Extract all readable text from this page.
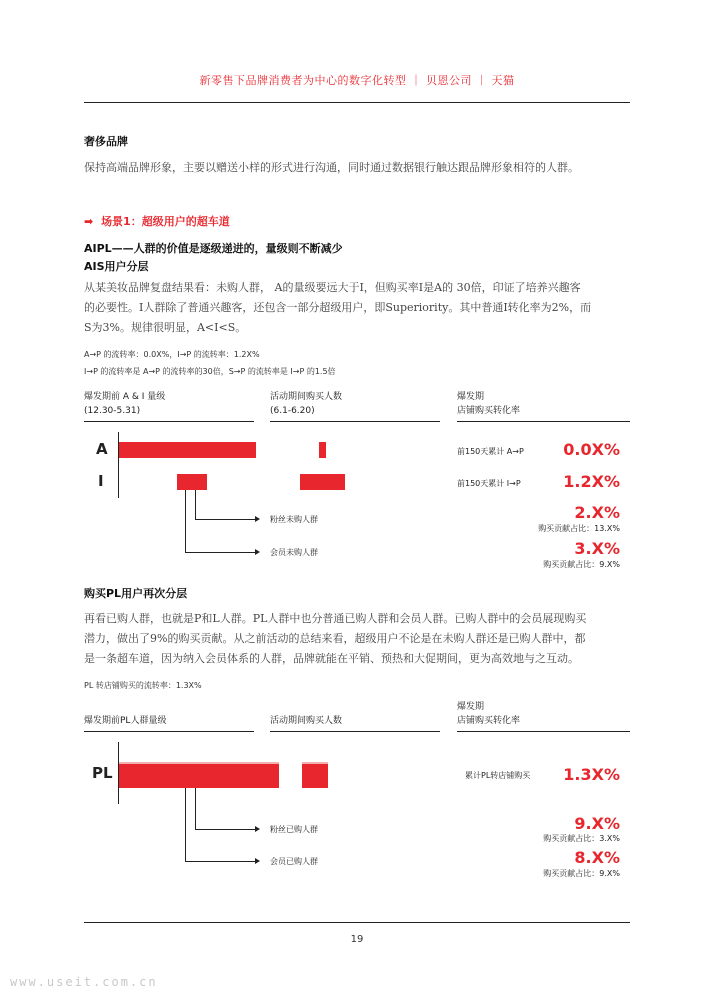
新零售下品牌消费者为中心的数字化转型 ｜ 贝恩公司 ｜ 天猫
奢侈品牌
保持高端品牌形象，主要以赠送小样的形式进行沟通，同时通过数据银行触达跟品牌形象相符的人群。
➡ 场景1：超级用户的超车道
AIPL——人群的价值是逐级递进的，量级则不断减少
AIS用户分层
从某美妆品牌复盘结果看：未购人群， A的量级要远大于I，但购买率I是A的 30倍，印证了培养兴趣客
的必要性。I人群除了普通兴趣客，还包含一部分超级用户，即Superiority。其中普通I转化率为2%，而
S为3%。规律很明显，A<I<S。
A→P 的流转率：0.0X%，I→P 的流转率：1.2X%
I→P 的流转率是 A→P 的流转率的30倍，S→P 的流转率是 I→P 的1.5倍
爆发期前 A & I 量级
(12.30-5.31)
活动期间购买人数
(6.1-6.20)
爆发期
店铺购买转化率
A
I
前150天累计 A→P	0.0X%
前150天累计 I→P	1.2X%
粉丝未购人群
会员未购人群
2.X%
购买贡献占比：13.X%
3.X%
购买贡献占比：9.X%
购买PL用户再次分层
再看已购人群，也就是P和L人群。PL人群中也分普通已购人群和会员人群。已购人群中的会员展现购买
潜力，做出了9%的购买贡献。从之前活动的总结来看，超级用户不论是在未购人群还是已购人群中，都
是一条超车道，因为纳入会员体系的人群，品牌就能在平销、预热和大促期间，更为高效地与之互动。
PL 转店铺购买的流转率：1.3X%
爆发期前PL人群量级	活动期间购买人数
爆发期
店铺购买转化率
PL	累计PL转店铺购买	1.3X%
粉丝已购人群
会员已购人群
9.X%
购买贡献占比：3.X%
8.X%
购买贡献占比：9.X%
19
www.useit.com.cn
